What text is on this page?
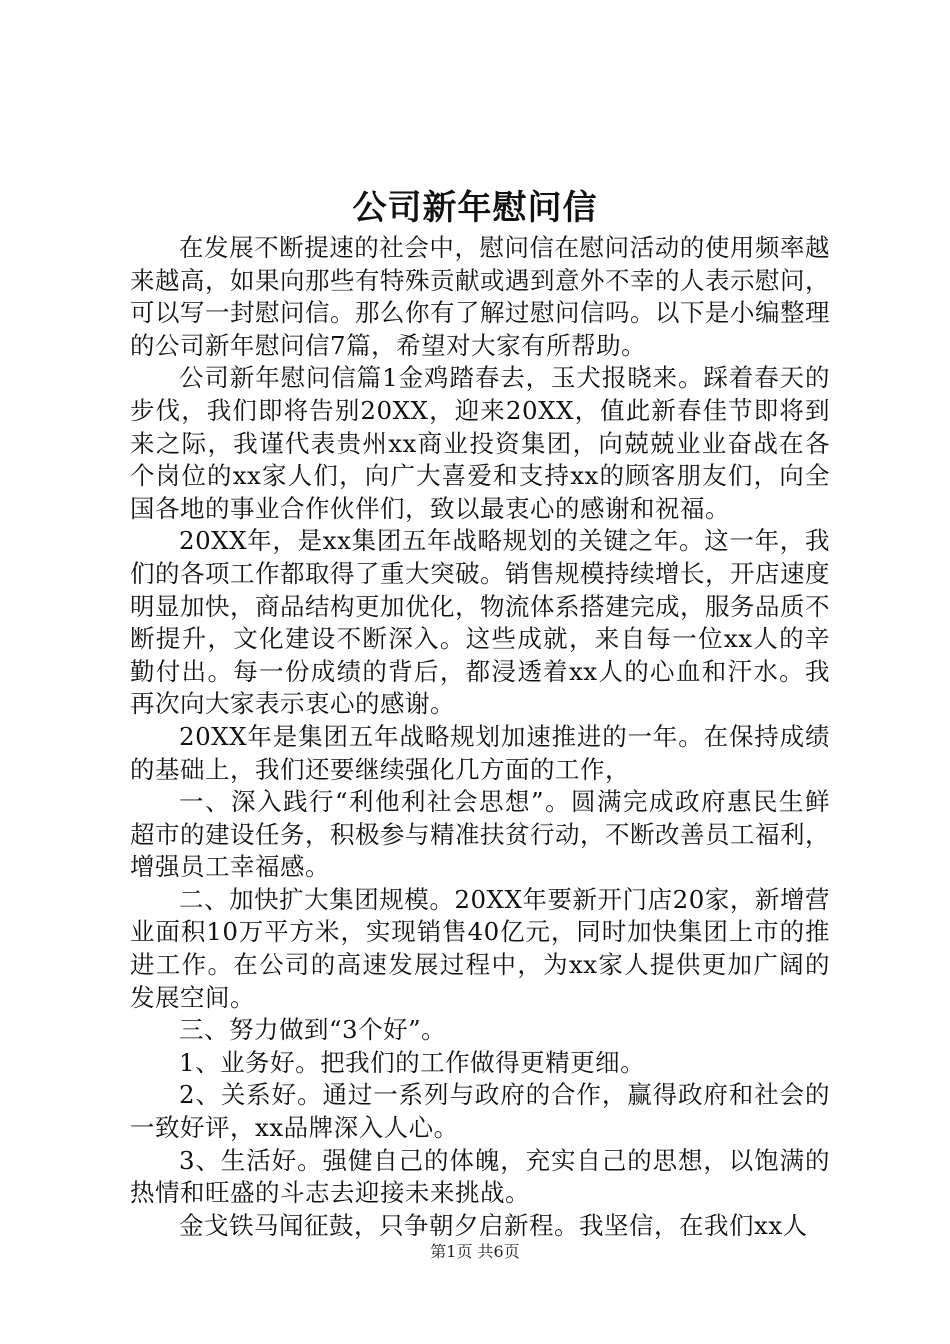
公司新年慰问信

在发展不断提速的社会中，慰问信在慰问活动的使用频率越来越高，如果向那些有特殊贡献或遇到意外不幸的人表示慰问，可以写一封慰问信。那么你有了解过慰问信吗。以下是小编整理的公司新年慰问信7篇，希望对大家有所帮助。

公司新年慰问信篇1金鸡踏春去，玉犬报晓来。踩着春天的步伐，我们即将告别20XX，迎来20XX，值此新春佳节即将到来之际，我谨代表贵州xx商业投资集团，向兢兢业业奋战在各个岗位的xx家人们，向广大喜爱和支持xx的顾客朋友们，向全国各地的事业合作伙伴们，致以最衷心的感谢和祝福。

20XX年，是xx集团五年战略规划的关键之年。这一年，我们的各项工作都取得了重大突破。销售规模持续增长，开店速度明显加快，商品结构更加优化，物流体系搭建完成，服务品质不断提升，文化建设不断深入。这些成就，来自每一位xx人的辛勤付出。每一份成绩的背后，都浸透着xx人的心血和汗水。我再次向大家表示衷心的感谢。

20XX年是集团五年战略规划加速推进的一年。在保持成绩的基础上，我们还要继续强化几方面的工作，

一、深入践行“利他利社会思想”。圆满完成政府惠民生鲜超市的建设任务，积极参与精准扶贫行动，不断改善员工福利，增强员工幸福感。

二、加快扩大集团规模。20XX年要新开门店20家，新增营业面积10万平方米，实现销售40亿元，同时加快集团上市的推进工作。在公司的高速发展过程中，为xx家人提供更加广阔的发展空间。

三、努力做到“3个好”。

1、业务好。把我们的工作做得更精更细。

2、关系好。通过一系列与政府的合作，赢得政府和社会的一致好评，xx品牌深入人心。

3、生活好。强健自己的体魄，充实自己的思想，以饱满的热情和旺盛的斗志去迎接未来挑战。

金戈铁马闻征鼓，只争朝夕启新程。我坚信，在我们xx人

第1页 共6页
